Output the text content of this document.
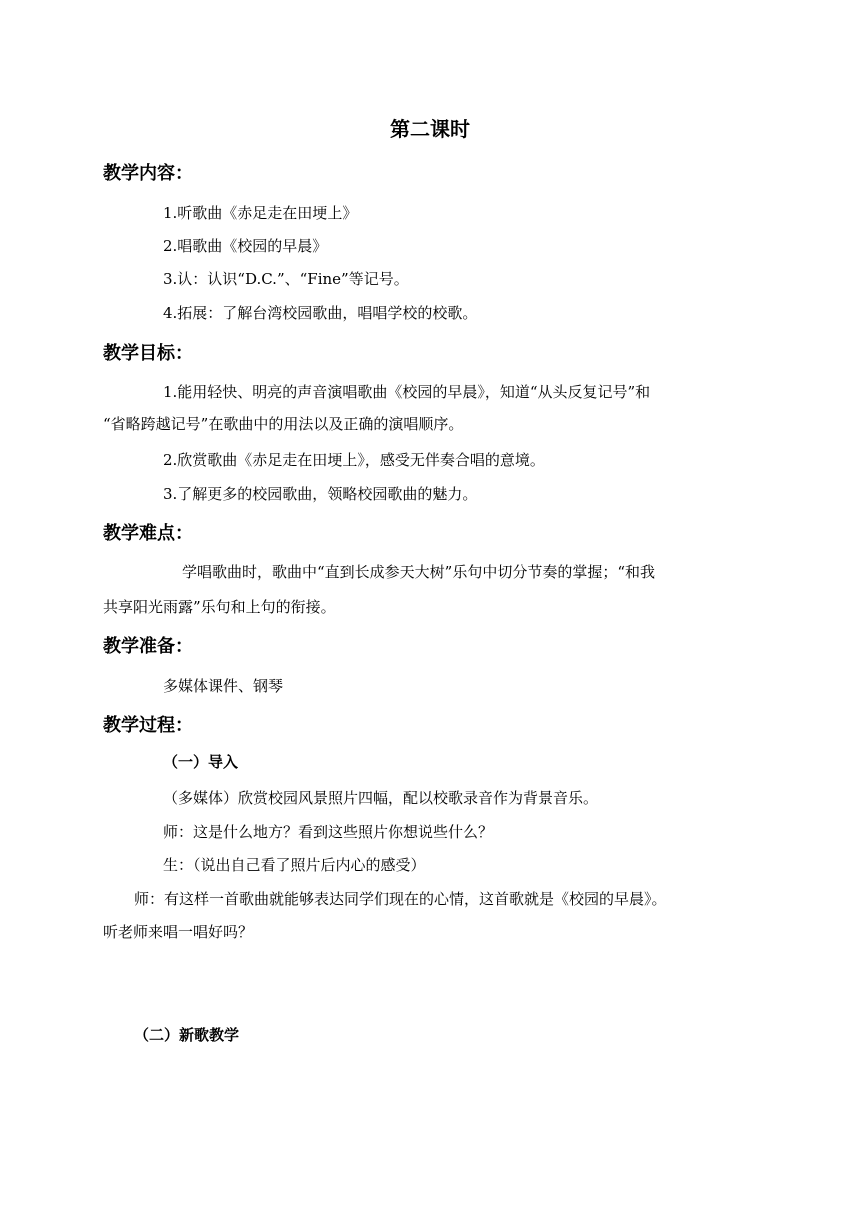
第二课时
教学内容：
1.听歌曲《赤足走在田埂上》
2.唱歌曲《校园的早晨》
3.认：认识“D.C.”、“Fine”等记号。
4.拓展：了解台湾校园歌曲，唱唱学校的校歌。
教学目标：
1.能用轻快、明亮的声音演唱歌曲《校园的早晨》，知道“从头反复记号”和
“省略跨越记号”在歌曲中的用法以及正确的演唱顺序。
2.欣赏歌曲《赤足走在田埂上》，感受无伴奏合唱的意境。
3.了解更多的校园歌曲，领略校园歌曲的魅力。
教学难点：
学唱歌曲时，歌曲中“直到长成参天大树”乐句中切分节奏的掌握；“和我
共享阳光雨露”乐句和上句的衔接。
教学准备：
多媒体课件、钢琴
教学过程：
（一）导入
（多媒体）欣赏校园风景照片四幅，配以校歌录音作为背景音乐。
师：这是什么地方？看到这些照片你想说些什么？
生：（说出自己看了照片后内心的感受）
师：有这样一首歌曲就能够表达同学们现在的心情，这首歌就是《校园的早晨》。
听老师来唱一唱好吗？
（二）新歌教学
